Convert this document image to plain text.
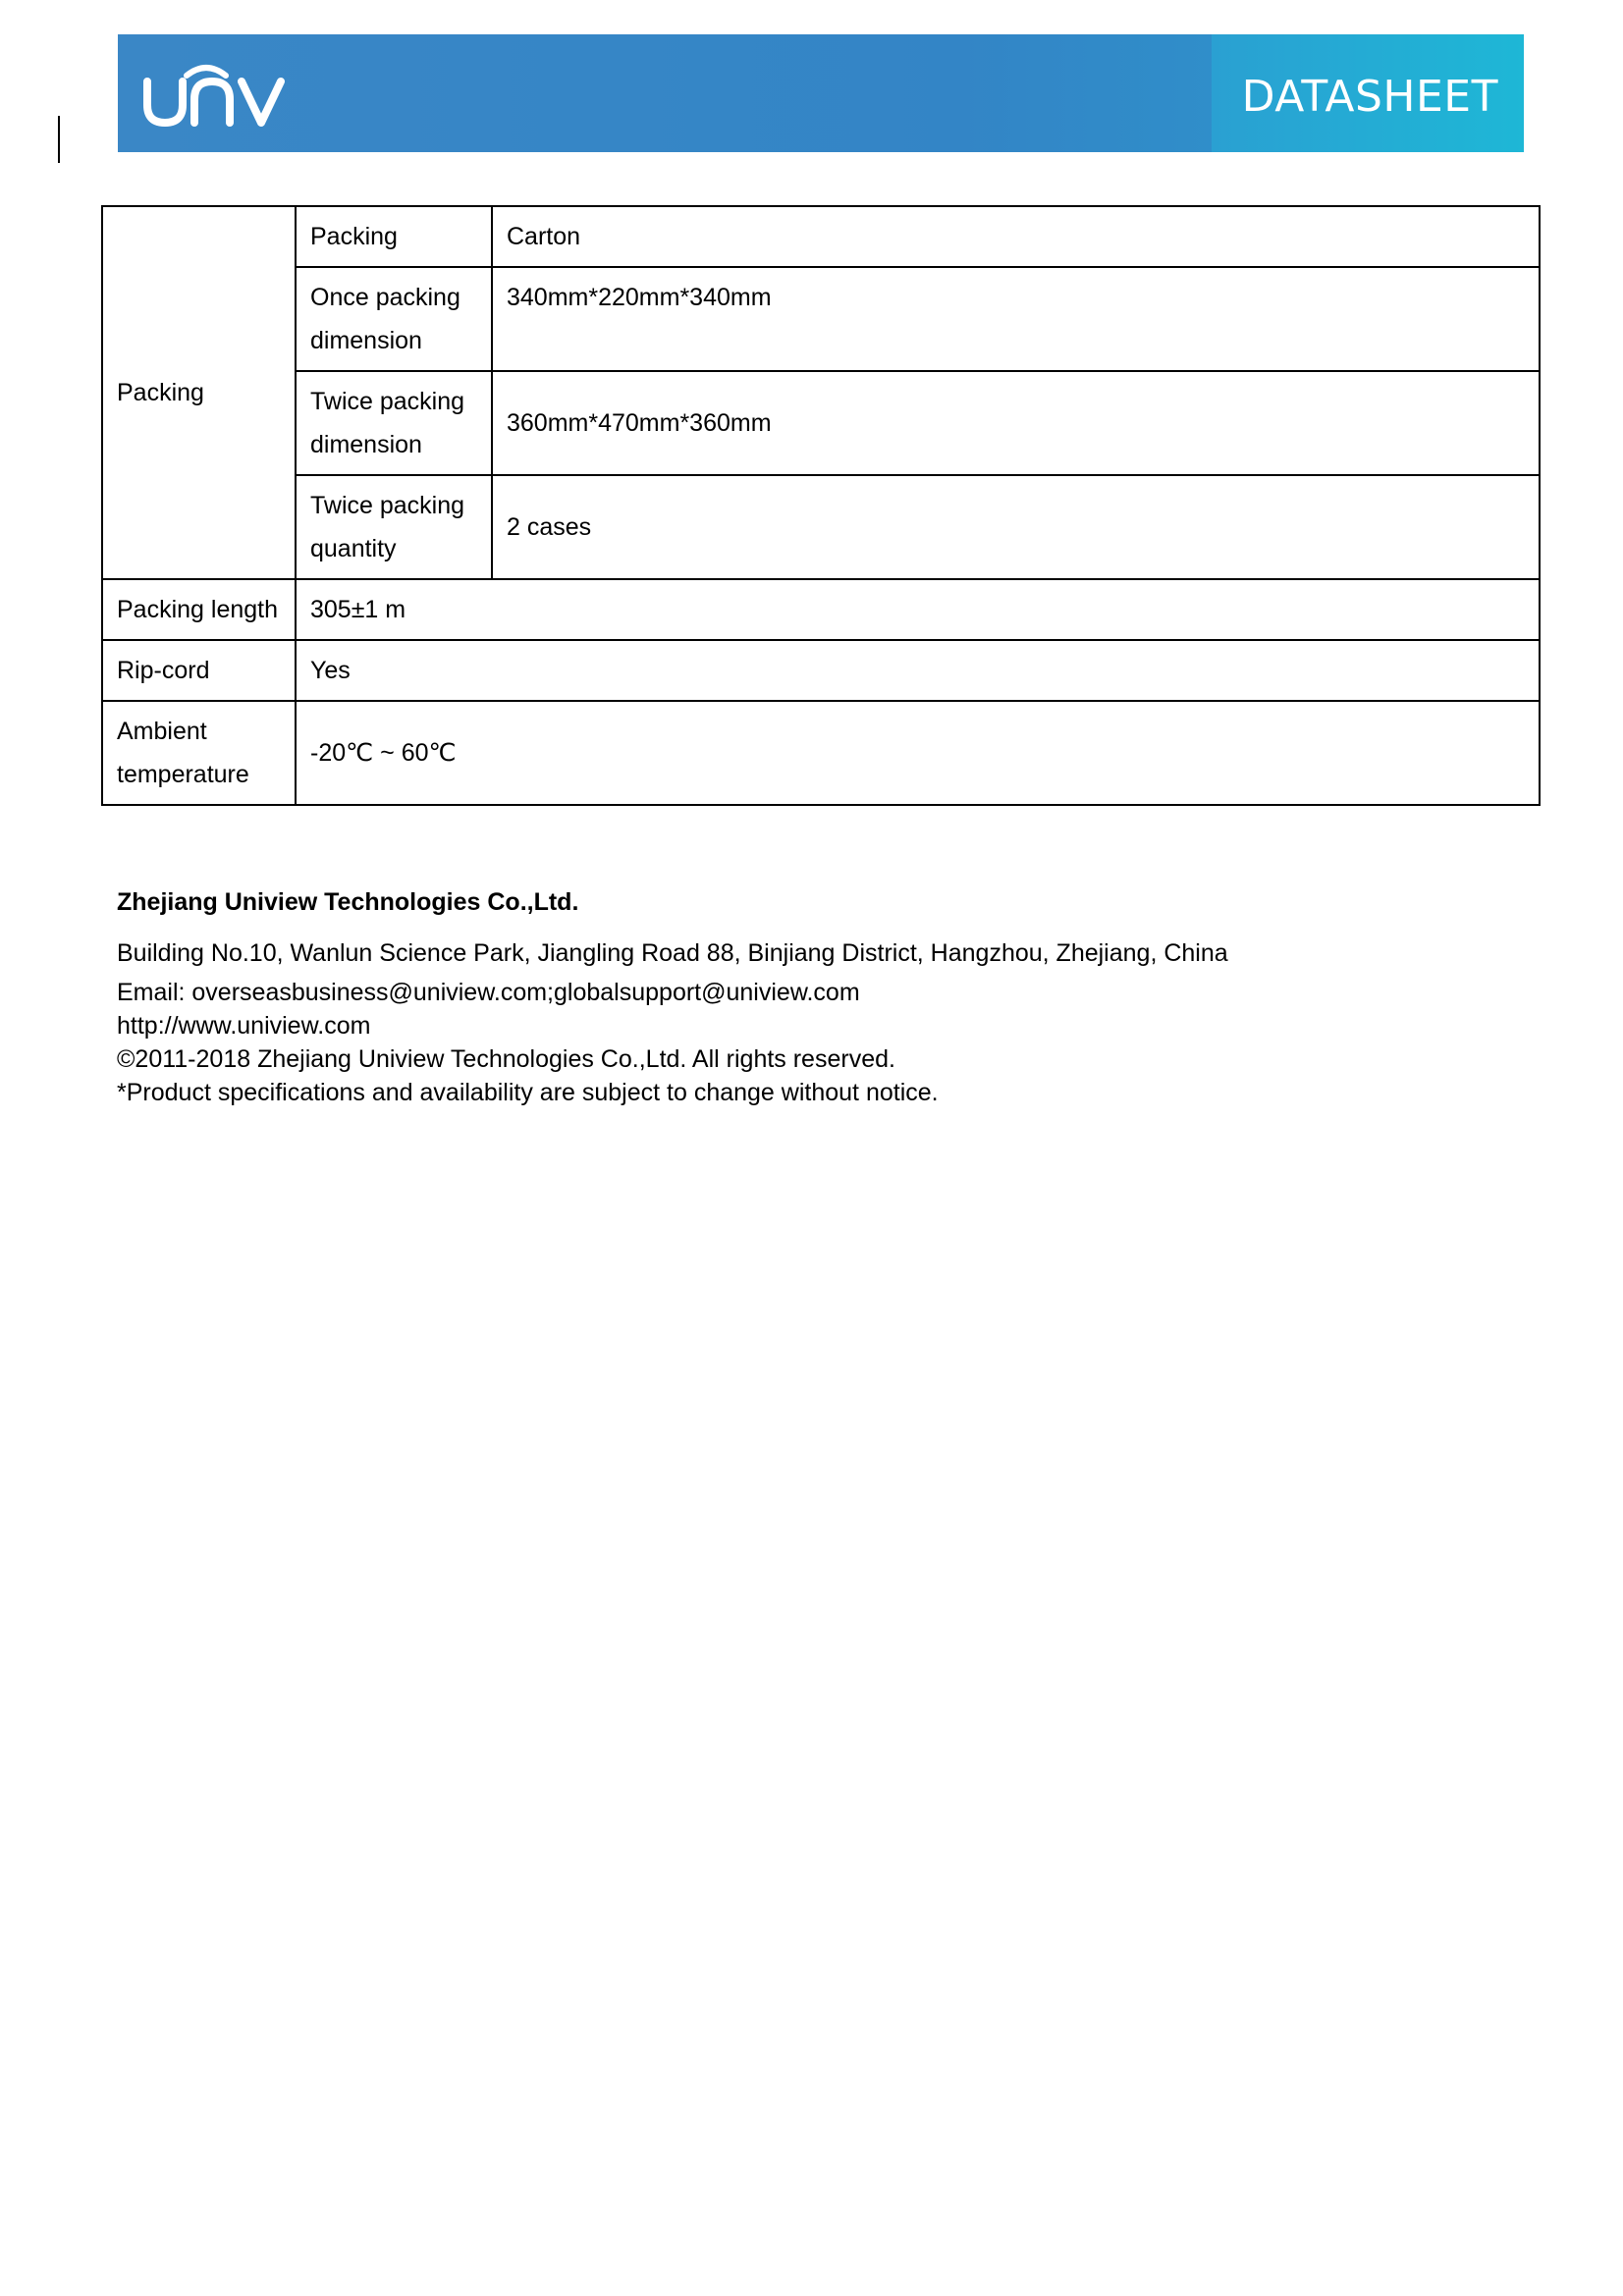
DATASHEET
Packing	Packing	Carton
	Once packing dimension	340mm*220mm*340mm
	Twice packing dimension	360mm*470mm*360mm
	Twice packing quantity	2 cases
Packing length	305±1 m	
Rip-cord	Yes	
Ambient temperature	-20℃ ~ 60℃	
Zhejiang Uniview Technologies Co.,Ltd.
Building No.10, Wanlun Science Park, Jiangling Road 88, Binjiang District, Hangzhou, Zhejiang, China
Email: overseasbusiness@uniview.com;globalsupport@uniview.com
http://www.uniview.com
©2011-2018 Zhejiang Uniview Technologies Co.,Ltd. All rights reserved.
*Product specifications and availability are subject to change without notice.
